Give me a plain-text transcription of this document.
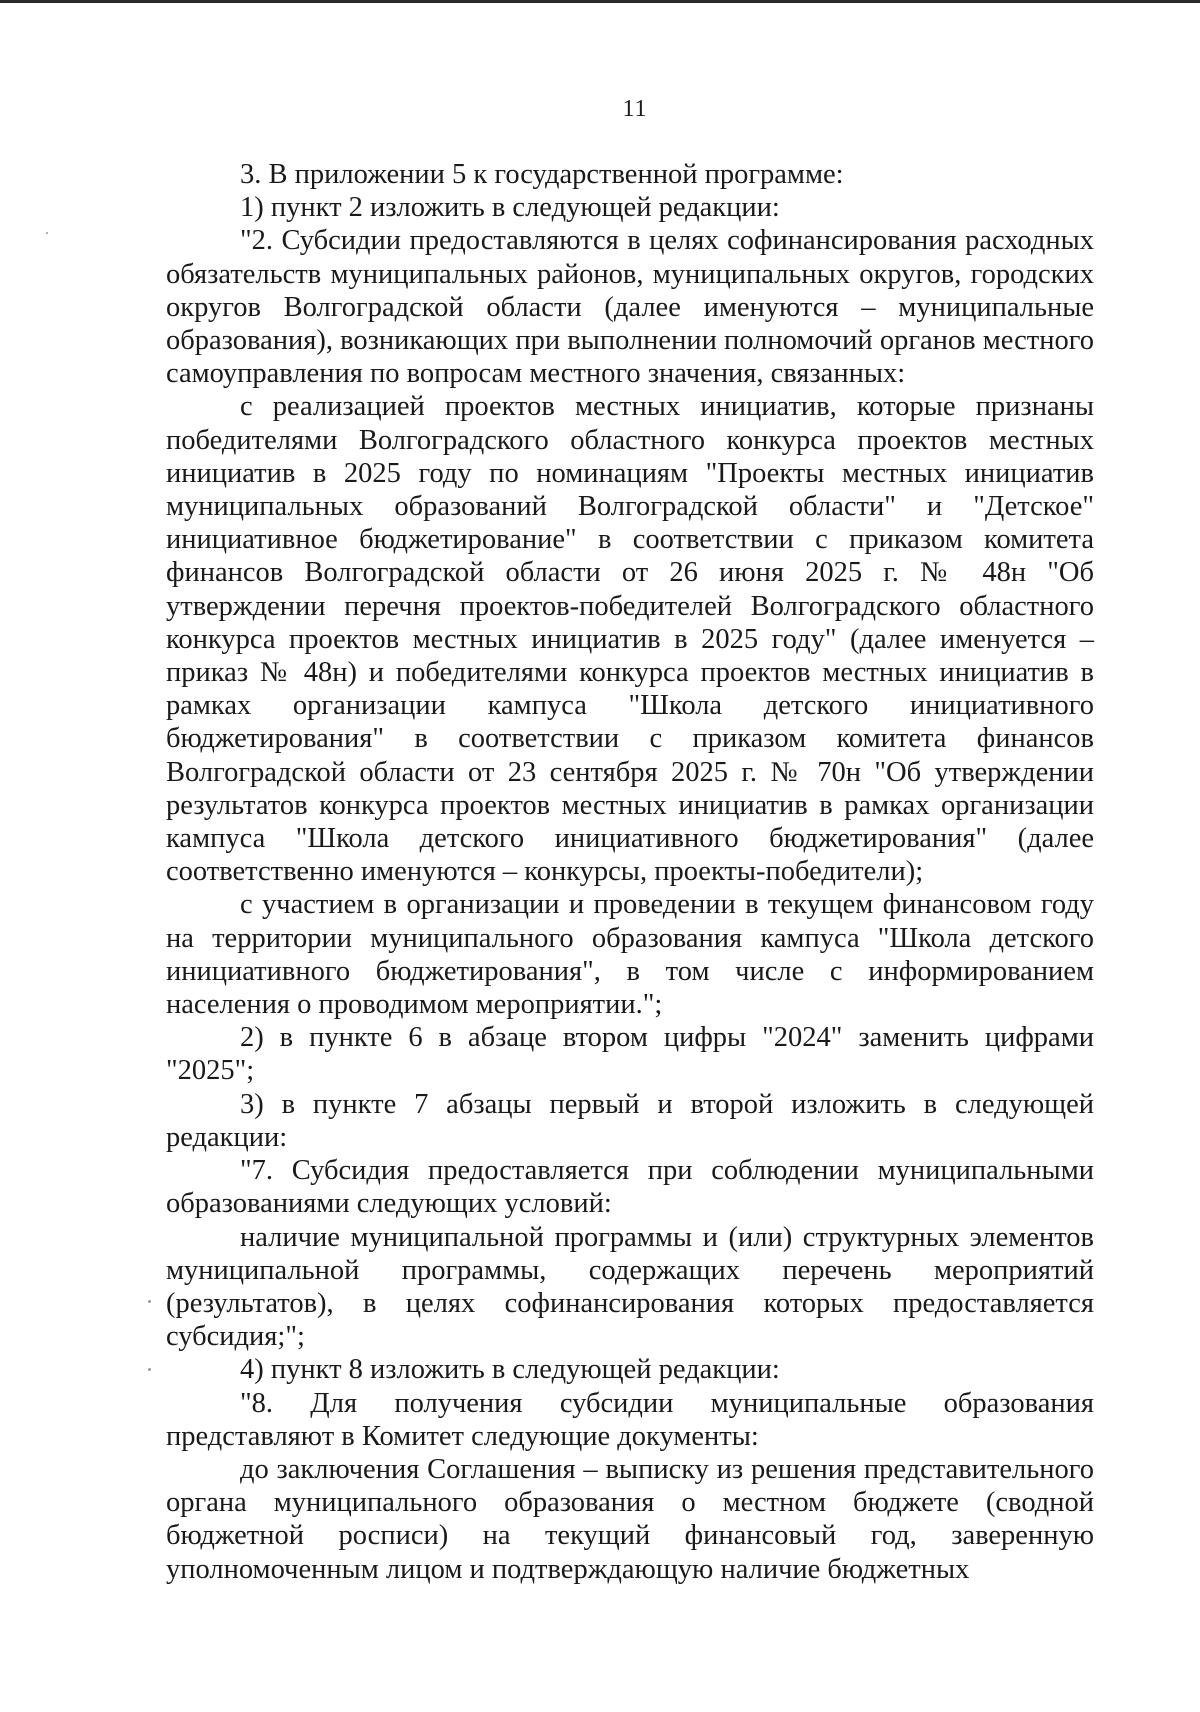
11

3. В приложении 5 к государственной программе:

1) пункт 2 изложить в следующей редакции:

"2. Субсидии предоставляются в целях софинансирования расходных обязательств муниципальных районов, муниципальных округов, городских округов Волгоградской области (далее именуются – муниципальные образования), возникающих при выполнении полномочий органов местного самоуправления по вопросам местного значения, связанных:

с реализацией проектов местных инициатив, которые признаны победителями Волгоградского областного конкурса проектов местных инициатив в 2025 году по номинациям "Проекты местных инициатив муниципальных образований Волгоградской области" и "Детское" инициативное бюджетирование" в соответствии с приказом комитета финансов Волгоградской области от 26 июня 2025 г. № 48н "Об утверждении перечня проектов-победителей Волгоградского областного конкурса проектов местных инициатив в 2025 году" (далее именуется – приказ № 48н) и победителями конкурса проектов местных инициатив в рамках организации кампуса "Школа детского инициативного бюджетирования" в соответствии с приказом комитета финансов Волгоградской области от 23 сентября 2025 г. № 70н "Об утверждении результатов конкурса проектов местных инициатив в рамках организации кампуса "Школа детского инициативного бюджетирования" (далее соответственно именуются – конкурсы, проекты-победители);

с участием в организации и проведении в текущем финансовом году на территории муниципального образования кампуса "Школа детского инициативного бюджетирования", в том числе с информированием населения о проводимом мероприятии.";

2) в пункте 6 в абзаце втором цифры "2024" заменить цифрами "2025";

3) в пункте 7 абзацы первый и второй изложить в следующей редакции:

"7. Субсидия предоставляется при соблюдении муниципальными образованиями следующих условий:

наличие муниципальной программы и (или) структурных элементов муниципальной программы, содержащих перечень мероприятий (результатов), в целях софинансирования которых предоставляется субсидия;";

4) пункт 8 изложить в следующей редакции:

"8. Для получения субсидии муниципальные образования представляют в Комитет следующие документы:

до заключения Соглашения – выписку из решения представительного органа муниципального образования о местном бюджете (сводной бюджетной росписи) на текущий финансовый год, заверенную уполномоченным лицом и подтверждающую наличие бюджетных
